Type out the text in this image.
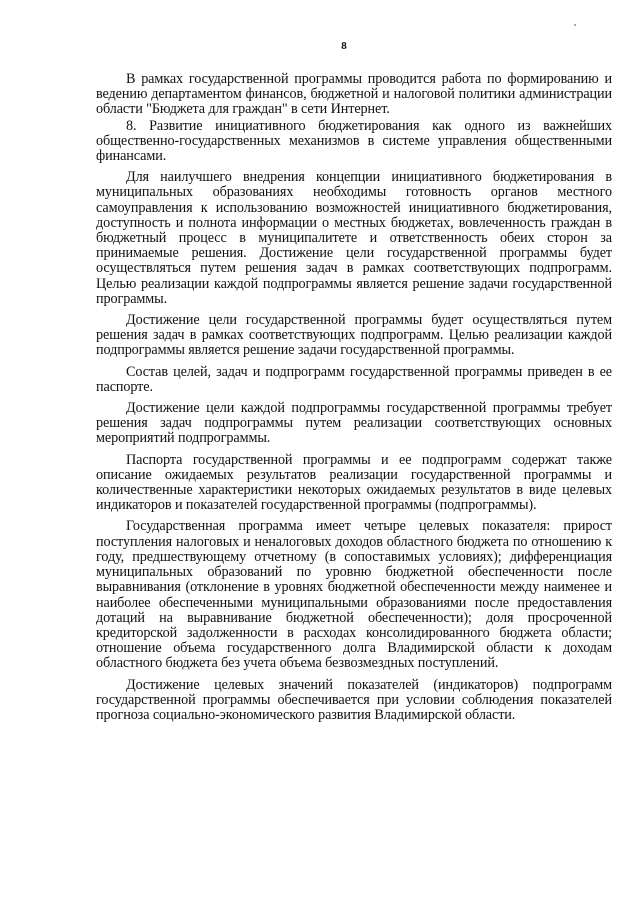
8

В рамках государственной программы проводится работа по формированию и ведению департаментом финансов, бюджетной и налоговой политики администрации области "Бюджета для граждан" в сети Интернет.

8. Развитие инициативного бюджетирования как одного из важнейших общественно-государственных механизмов в системе управления общественными финансами.

Для наилучшего внедрения концепции инициативного бюджетирования в муниципальных образованиях необходимы готовность органов местного самоуправления к использованию возможностей инициативного бюджетирования, доступность и полнота информации о местных бюджетах, вовлеченность граждан в бюджетный процесс в муниципалитете и ответственность обеих сторон за принимаемые решения. Достижение цели государственной программы будет осуществляться путем решения задач в рамках соответствующих подпрограмм. Целью реализации каждой подпрограммы является решение задачи государственной программы.

Достижение цели государственной программы будет осуществляться путем решения задач в рамках соответствующих подпрограмм. Целью реализации каждой подпрограммы является решение задачи государственной программы.

Состав целей, задач и подпрограмм государственной программы приведен в ее паспорте.

Достижение цели каждой подпрограммы государственной программы требует решения задач подпрограммы путем реализации соответствующих основных мероприятий подпрограммы.

Паспорта государственной программы и ее подпрограмм содержат также описание ожидаемых результатов реализации государственной программы и количественные характеристики некоторых ожидаемых результатов в виде целевых индикаторов и показателей государственной программы (подпрограммы).

Государственная программа имеет четыре целевых показателя: прирост поступления налоговых и неналоговых доходов областного бюджета по отношению к году, предшествующему отчетному (в сопоставимых условиях); дифференциация муниципальных образований по уровню бюджетной обеспеченности после выравнивания (отклонение в уровнях бюджетной обеспеченности между наименее и наиболее обеспеченными муниципальными образованиями после предоставления дотаций на выравнивание бюджетной обеспеченности); доля просроченной кредиторской задолженности в расходах консолидированного бюджета области; отношение объема государственного долга Владимирской области к доходам областного бюджета без учета объема безвозмездных поступлений.

Достижение целевых значений показателей (индикаторов) подпрограмм государственной программы обеспечивается при условии соблюдения показателей прогноза социально-экономического развития Владимирской области.
